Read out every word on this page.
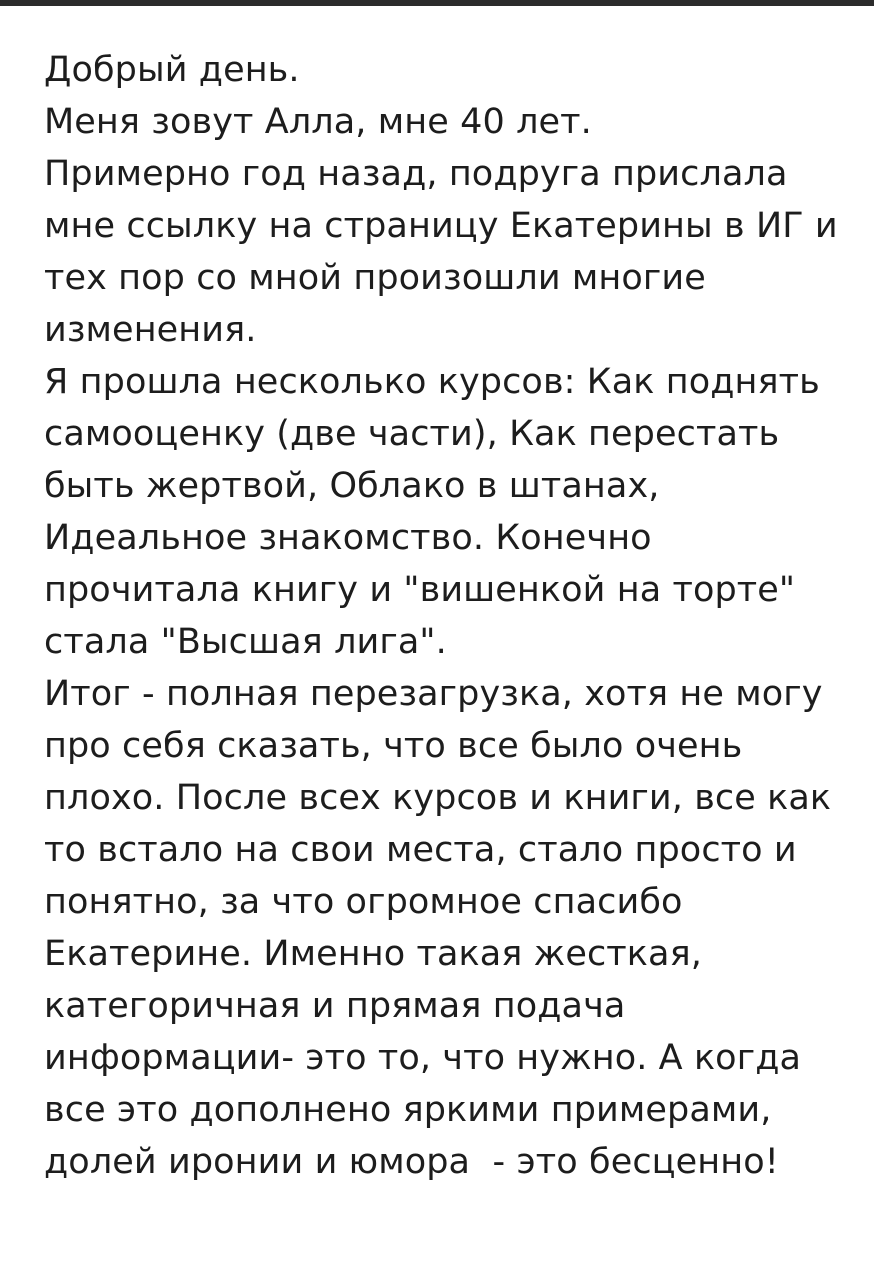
Добрый день.

Меня зовут Алла, мне 40 лет.

Примерно год назад, подруга прислала мне ссылку на страницу Екатерины в ИГ и тех пор со мной произошли многие изменения.

Я прошла несколько курсов: Как поднять самооценку (две части), Как перестать быть жертвой, Облако в штанах, Идеальное знакомство. Конечно прочитала книгу и "вишенкой на торте" стала "Высшая лига".

Итог - полная перезагрузка, хотя не могу про себя сказать, что все было очень плохо. После всех курсов и книги, все как то встало на свои места, стало просто и понятно, за что огромное спасибо Екатерине. Именно такая жесткая, категоричная и прямая подача информации- это то, что нужно. А когда все это дополнено яркими примерами, долей иронии и юмора  - это бесценно!
